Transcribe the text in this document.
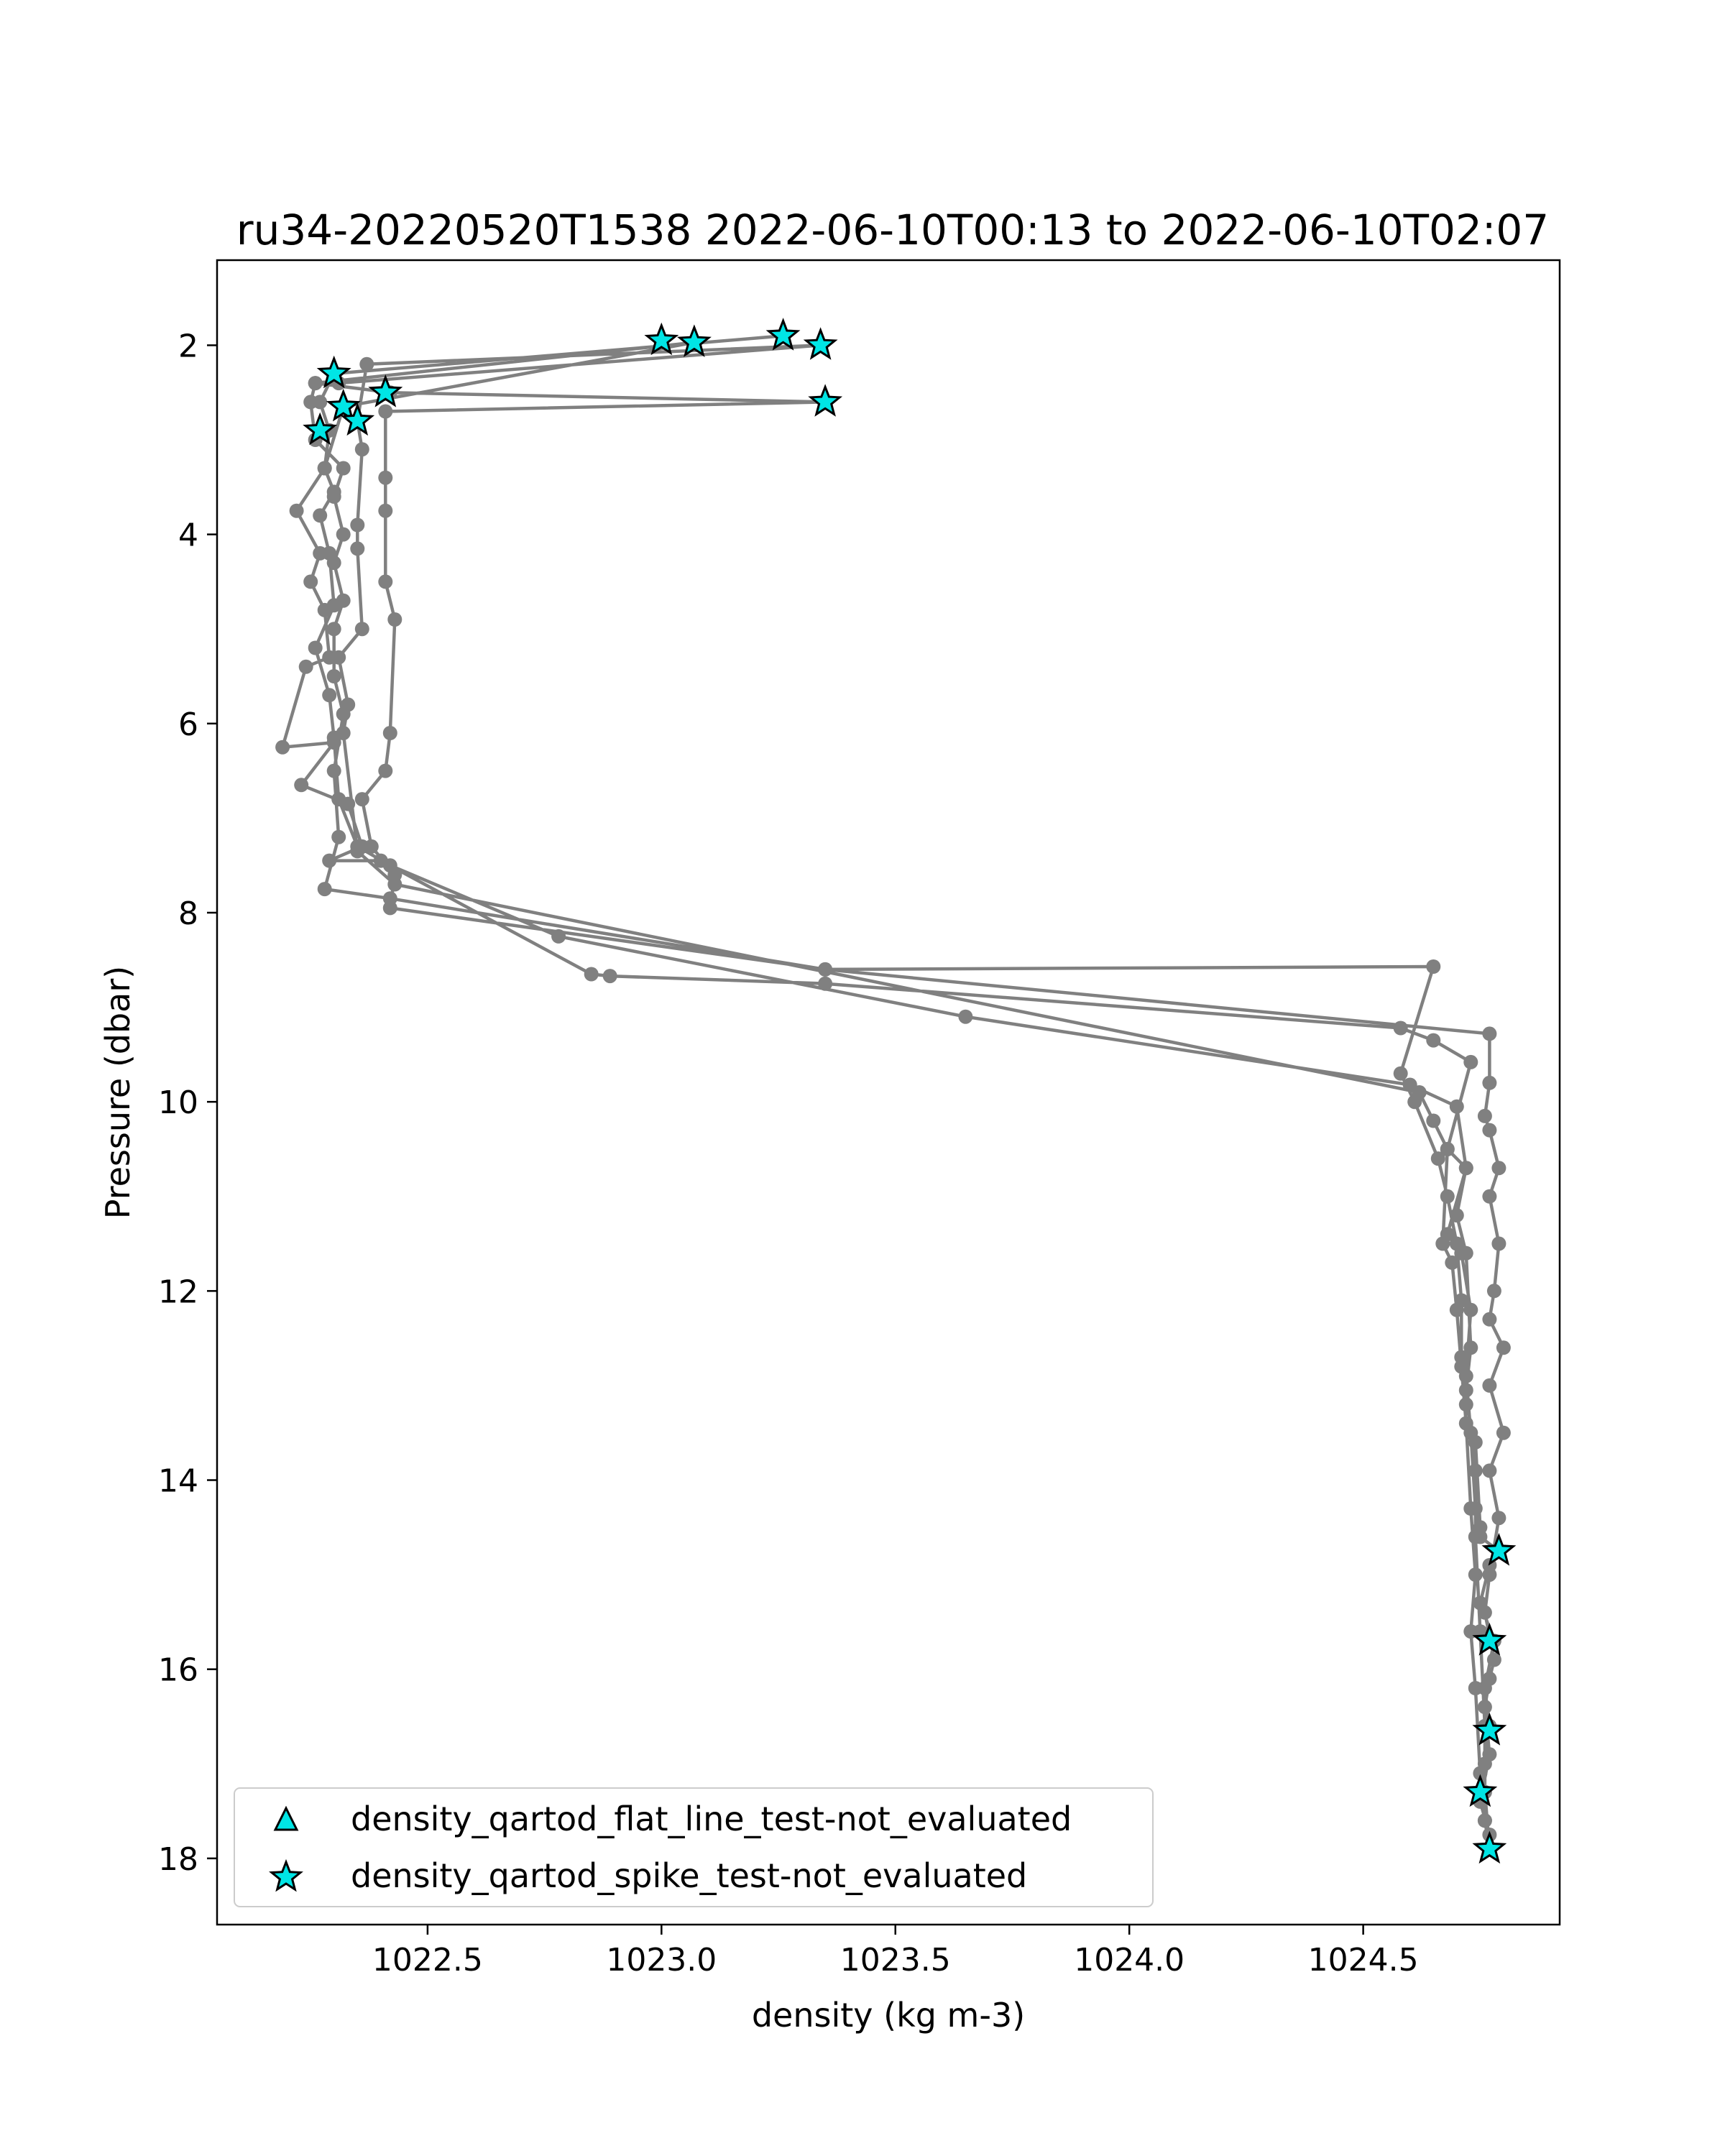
ru34-20220520T1538 2022-06-10T00:13 to 2022-06-10T02:07
1022.5	1023.0	1023.5	1024.0	1024.5
2
4
6
8
10
12
14
16
18
density (kg m-3)
Pressure (dbar)
density_qartod_flat_line_test-not_evaluated
density_qartod_spike_test-not_evaluated
